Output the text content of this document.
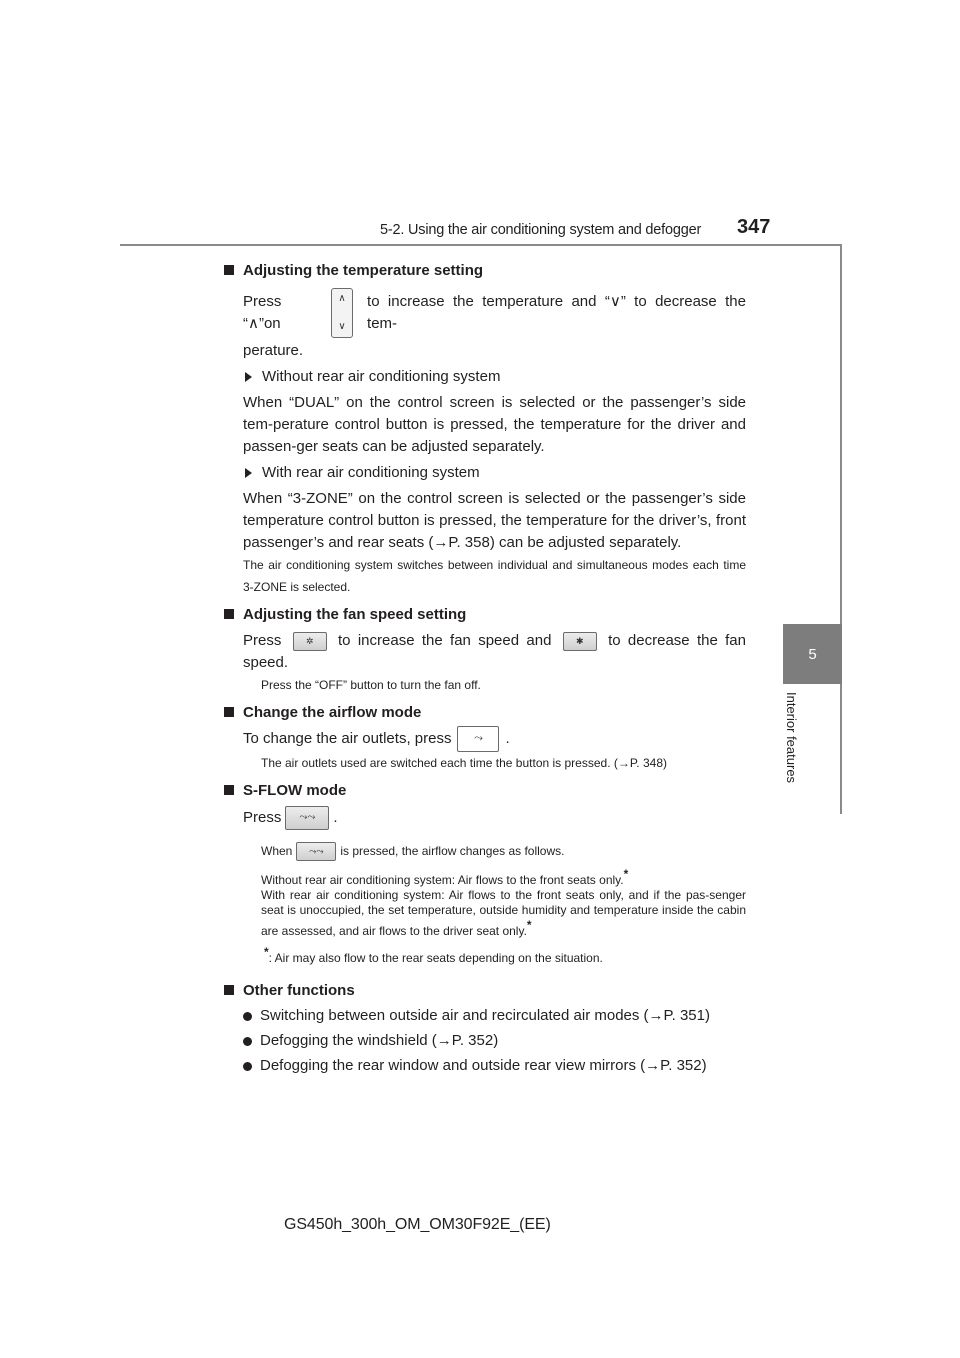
5-2. Using the air conditioning system and defogger 347
5
Interior features
Adjusting the temperature setting
Press “∧”on
∧
∨
to increase the temperature and “∨” to decrease the tem-
perature.
Without rear air conditioning system
When “DUAL” on the control screen is selected or the passenger’s side tem-perature control button is pressed, the temperature for the driver and passen-ger seats can be adjusted separately.
With rear air conditioning system
When “3-ZONE” on the control screen is selected or the passenger’s side temperature control button is pressed, the temperature for the driver’s, front passenger’s and rear seats (→P. 358) can be adjusted separately.
The air conditioning system switches between individual and simultaneous modes each time 3-ZONE is selected.
Adjusting the fan speed setting
Press	✲	to increase the fan speed and	✱	to decrease the fan speed.
Press the “OFF” button to turn the fan off.
Change the airflow mode
To change the air outlets, press	⤳	.
The air outlets used are switched each time the button is pressed. (→P. 348)
S-FLOW mode
Press	⤳⤳	.
When	⤳⤳	is pressed, the airflow changes as follows.
Without rear air conditioning system: Air flows to the front seats only.*
With rear air conditioning system: Air flows to the front seats only, and if the pas-senger seat is unoccupied, the set temperature, outside humidity and temperature inside the cabin are assessed, and air flows to the driver seat only.*
*: Air may also flow to the rear seats depending on the situation.
Other functions
Switching between outside air and recirculated air modes (→P. 351)
Defogging the windshield (→P. 352)
Defogging the rear window and outside rear view mirrors (→P. 352)
GS450h_300h_OM_OM30F92E_(EE)
